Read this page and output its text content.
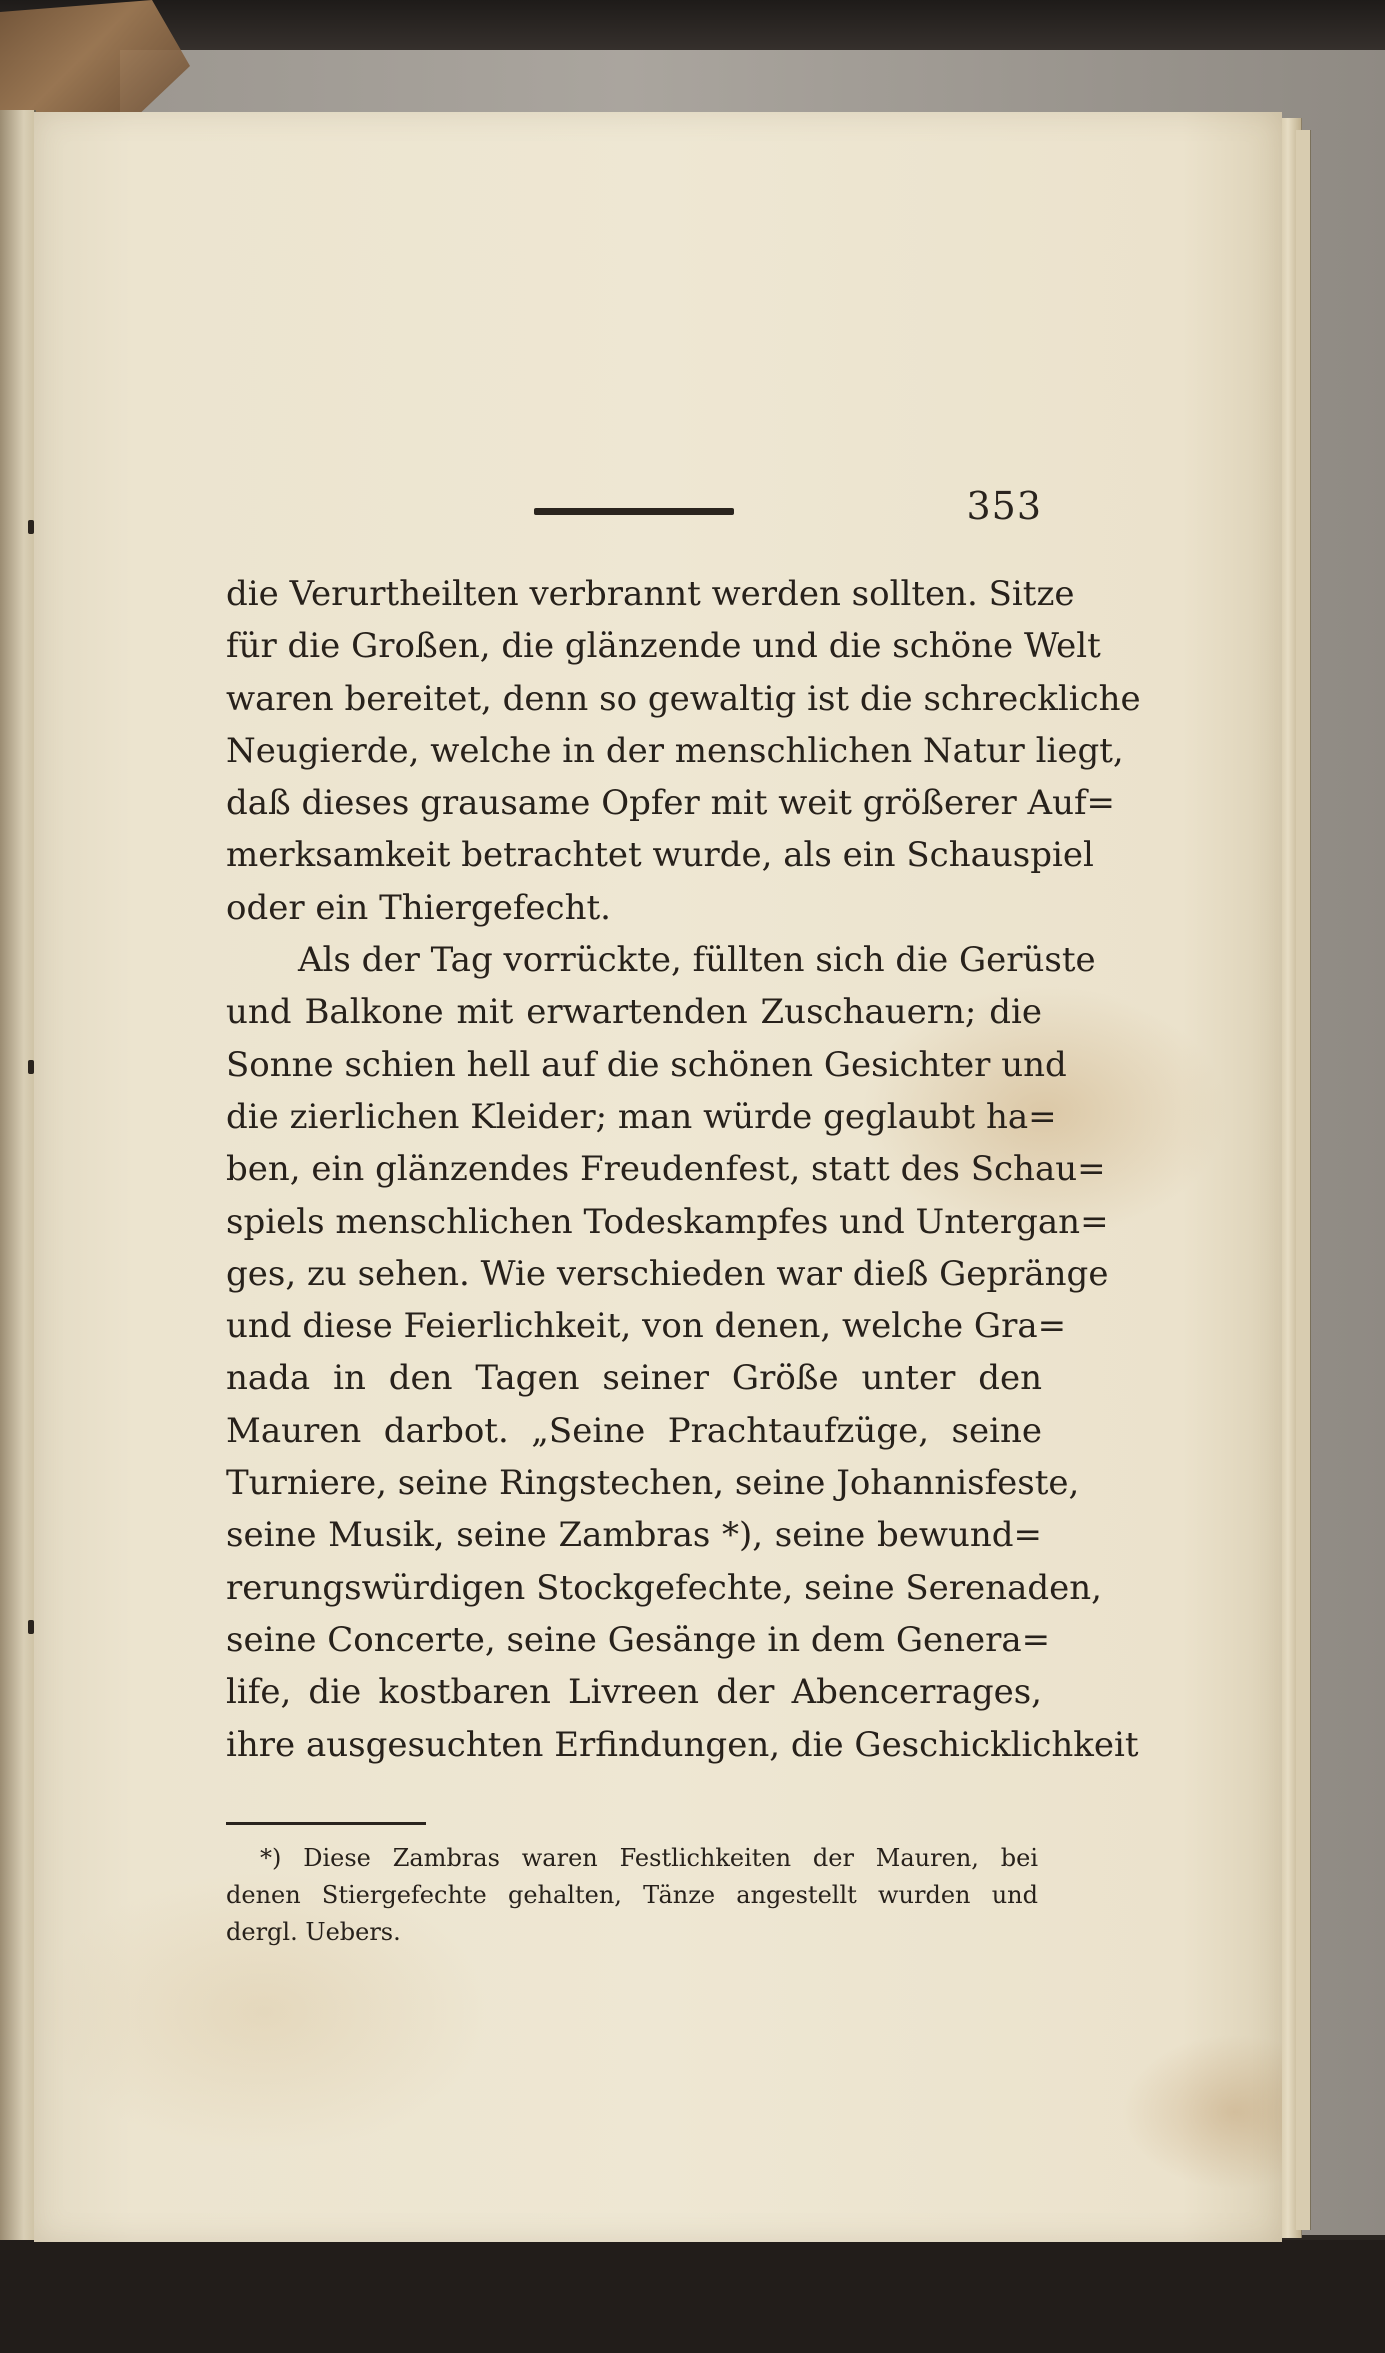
353
die Verurtheilten verbrannt werden sollten. Sitze
für die Großen, die glänzende und die schöne Welt
waren bereitet, denn so gewaltig ist die schreckliche
Neugierde, welche in der menschlichen Natur liegt,
daß dieses grausame Opfer mit weit größerer Auf=
merksamkeit betrachtet wurde, als ein Schauspiel
oder ein Thiergefecht.
Als der Tag vorrückte, füllten sich die Gerüste
und Balkone mit erwartenden Zuschauern; die
Sonne schien hell auf die schönen Gesichter und
die zierlichen Kleider; man würde geglaubt ha=
ben, ein glänzendes Freudenfest, statt des Schau=
spiels menschlichen Todeskampfes und Untergan=
ges, zu sehen. Wie verschieden war dieß Gepränge
und diese Feierlichkeit, von denen, welche Gra=
nada in den Tagen seiner Größe unter den
Mauren darbot. „Seine Prachtaufzüge, seine
Turniere, seine Ringstechen, seine Johannisfeste,
seine Musik, seine Zambras *), seine bewund=
rerungswürdigen Stockgefechte, seine Serenaden,
seine Concerte, seine Gesänge in dem Genera=
life, die kostbaren Livreen der Abencerrages,
ihre ausgesuchten Erfindungen, die Geschicklichkeit
*) Diese Zambras waren Festlichkeiten der Mauren, bei
denen Stiergefechte gehalten, Tänze angestellt wurden und
dergl. Uebers.
